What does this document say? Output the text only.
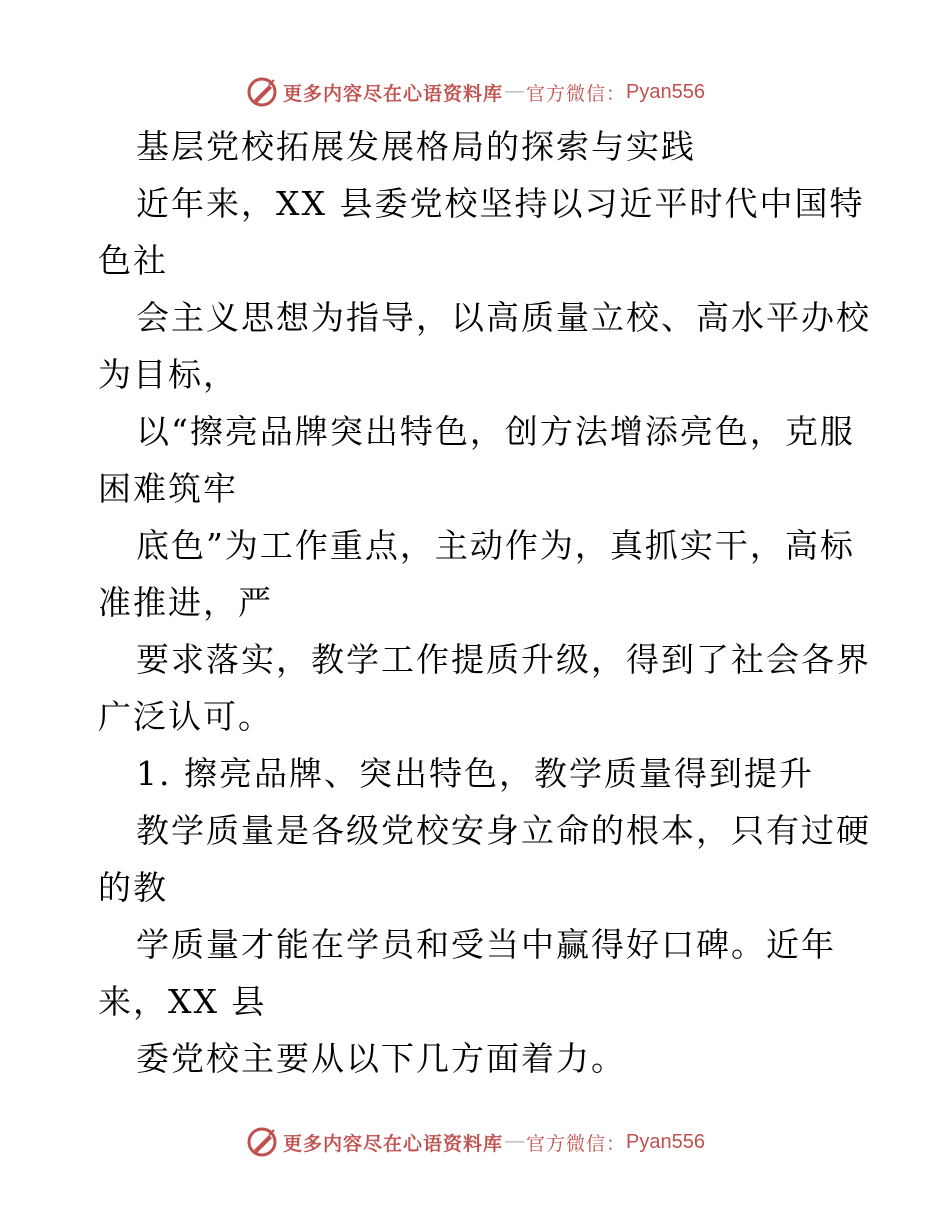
更多内容尽在心语资料库 — 官方微信： Pyan556
基层党校拓展发展格局的探索与实践
近年来，XX 县委党校坚持以习近平时代中国特
色社
会主义思想为指导，以高质量立校、高水平办校
为目标，
以“擦亮品牌突出特色，创方法增添亮色，克服
困难筑牢
底色”为工作重点，主动作为，真抓实干，高标
准推进，严
要求落实，教学工作提质升级，得到了社会各界
广泛认可。
1. 擦亮品牌、突出特色，教学质量得到提升
教学质量是各级党校安身立命的根本，只有过硬
的教
学质量才能在学员和受当中赢得好口碑。近年
来，XX 县
委党校主要从以下几方面着力。
更多内容尽在心语资料库 — 官方微信： Pyan556
